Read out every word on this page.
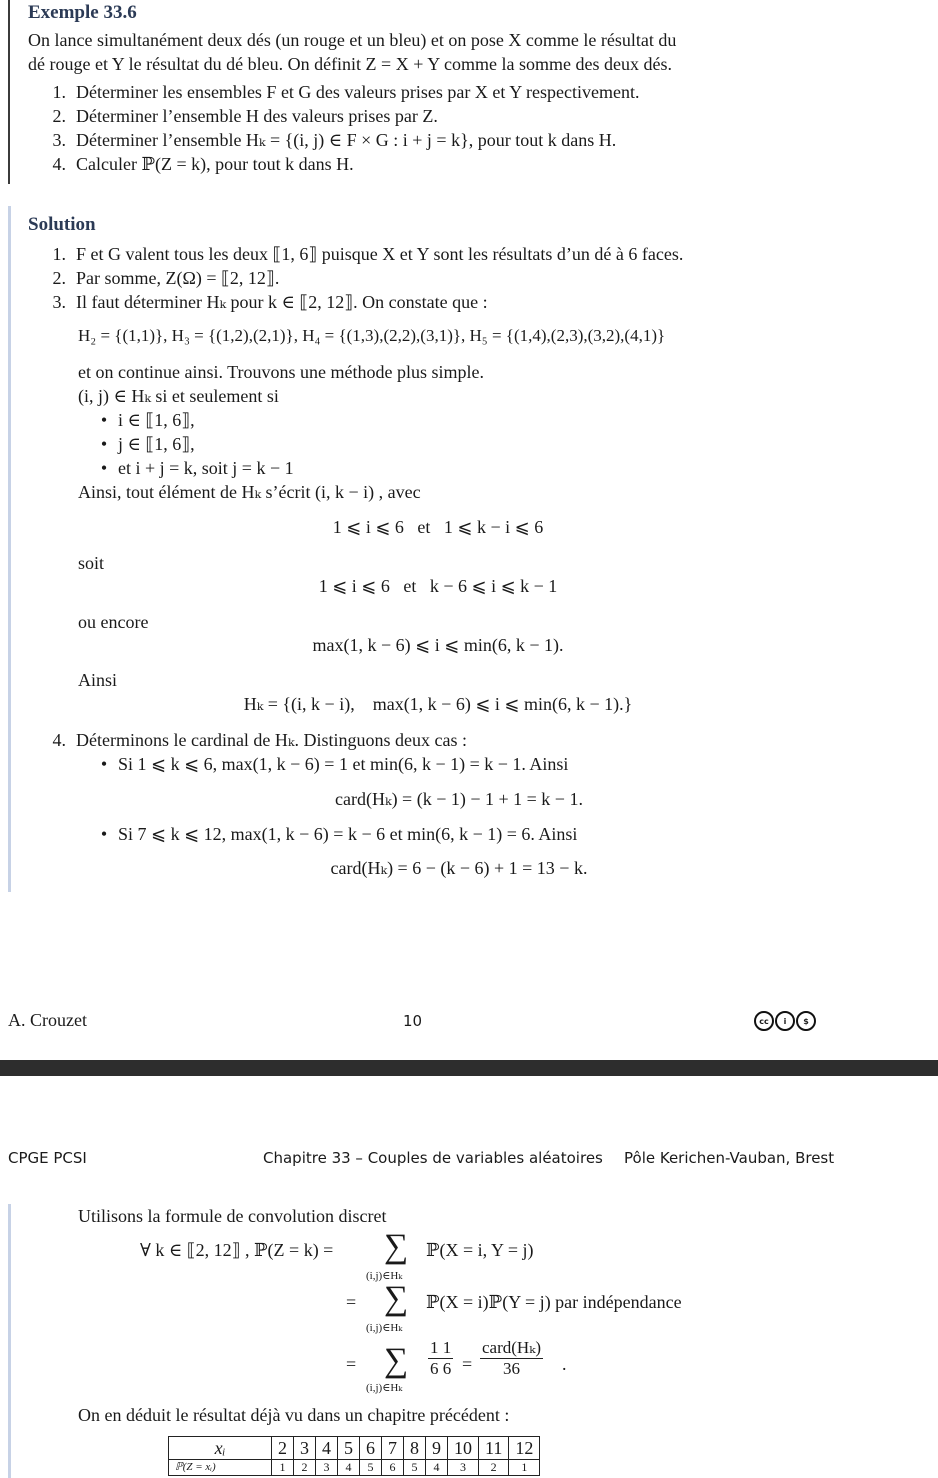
Exemple 33.6
On lance simultanément deux dés (un rouge et un bleu) et on pose X comme le résultat du
dé rouge et Y le résultat du dé bleu. On définit Z = X + Y comme la somme des deux dés.
1. Déterminer les ensembles F et G des valeurs prises par X et Y respectivement.
2. Déterminer l’ensemble H des valeurs prises par Z.
3. Déterminer l’ensemble Hₖ = {(i, j) ∈ F × G : i + j = k}, pour tout k dans H.
4. Calculer ℙ(Z = k), pour tout k dans H.
Solution
1. F et G valent tous les deux ⟦1, 6⟧ puisque X et Y sont les résultats d’un dé à 6 faces.
2. Par somme, Z(Ω) = ⟦2, 12⟧.
3. Il faut déterminer Hₖ pour k ∈ ⟦2, 12⟧. On constate que :
H₂ = {(1,1)}, H₃ = {(1,2),(2,1)}, H₄ = {(1,3),(2,2),(3,1)}, H₅ = {(1,4),(2,3),(3,2),(4,1)}
et on continue ainsi. Trouvons une méthode plus simple.
(i, j) ∈ Hₖ si et seulement si
• i ∈ ⟦1, 6⟧,
• j ∈ ⟦1, 6⟧,
• et i + j = k, soit j = k − 1
Ainsi, tout élément de Hₖ s’écrit (i, k − i) , avec
1 ⩽ i ⩽ 6   et   1 ⩽ k − i ⩽ 6
soit
1 ⩽ i ⩽ 6   et   k − 6 ⩽ i ⩽ k − 1
ou encore
max(1, k − 6) ⩽ i ⩽ min(6, k − 1).
Ainsi
Hₖ = {(i, k − i),    max(1, k − 6) ⩽ i ⩽ min(6, k − 1).}
4. Déterminons le cardinal de Hₖ. Distinguons deux cas :
• Si 1 ⩽ k ⩽ 6, max(1, k − 6) = 1 et min(6, k − 1) = k − 1. Ainsi
card(Hₖ) = (k − 1) − 1 + 1 = k − 1.
• Si 7 ⩽ k ⩽ 12, max(1, k − 6) = k − 6 et min(6, k − 1) = 6. Ainsi
card(Hₖ) = 6 − (k − 6) + 1 = 13 − k.
A. Crouzet	10	cc	i	$
CPGE PCSI	Chapitre 33 – Couples de variables aléatoires Pôle Kerichen-Vauban, Brest
Utilisons la formule de convolution discret
∀ k ∈ ⟦2, 12⟧ , ℙ(Z = k) = ∑
(i,j)∈Hₖ
ℙ(X = i, Y = j)
= ∑
(i,j)∈Hₖ
ℙ(X = i)ℙ(Y = j) par indépendance
= ∑
(i,j)∈Hₖ
$\frac{1 1}{6 6}$ =
card(Hₖ)
36	.
On en déduit le résultat déjà vu dans un chapitre précédent :
xᵢ	2	3	4	5	6	7	8	9	10	11	12
ℙ(Z = xᵢ)	1	2	3	4	5	6	5	4	3	2	1
